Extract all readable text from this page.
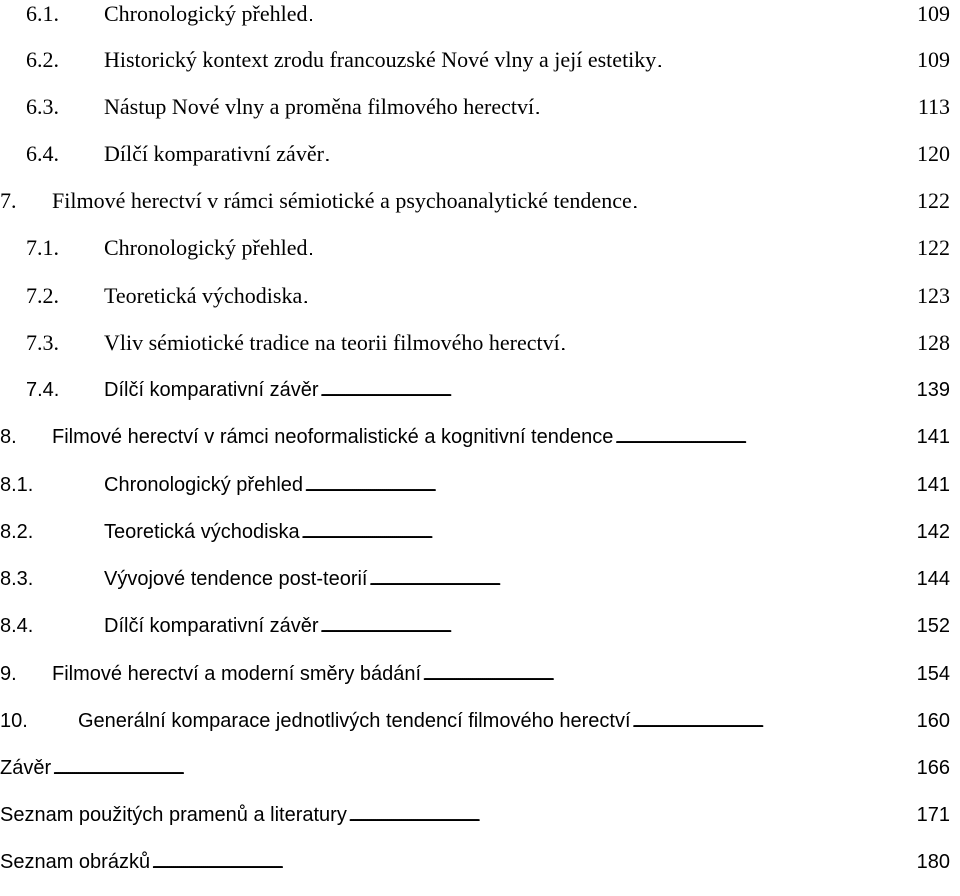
6.1. Chronologický přehled . . .	109
6.2. Historický kontext zrodu francouzské Nové vlny a její estetiky . . .	109
6.3. Nástup Nové vlny a proměna filmového herectví . . .	113
6.4. Dílčí komparativní závěr . . .	120
7. Filmové herectví v rámci sémiotické a psychoanalytické tendence . . .	122
7.1. Chronologický přehled . . .	122
7.2. Teoretická východiska . . .	123
7.3. Vliv sémiotické tradice na teorii filmového herectví . . .	128
7.4. Dílčí komparativní závěr . . .	139
8. Filmové herectví v rámci neoformalistické a kognitivní tendence . . .	141
8.1.	Chronologický přehled . . .	141
8.2.	Teoretická východiska . . .	142
8.3.	Vývojové tendence post-teorií . . .	144
8.4.	Dílčí komparativní závěr . . .	152
9. Filmové herectví a moderní směry bádání . . .	154
10.	Generální komparace jednotlivých tendencí filmového herectví . . .	160
Závěr . . .	166
Seznam použitých pramenů a literatury . . .	171
Seznam obrázků . . .	180
